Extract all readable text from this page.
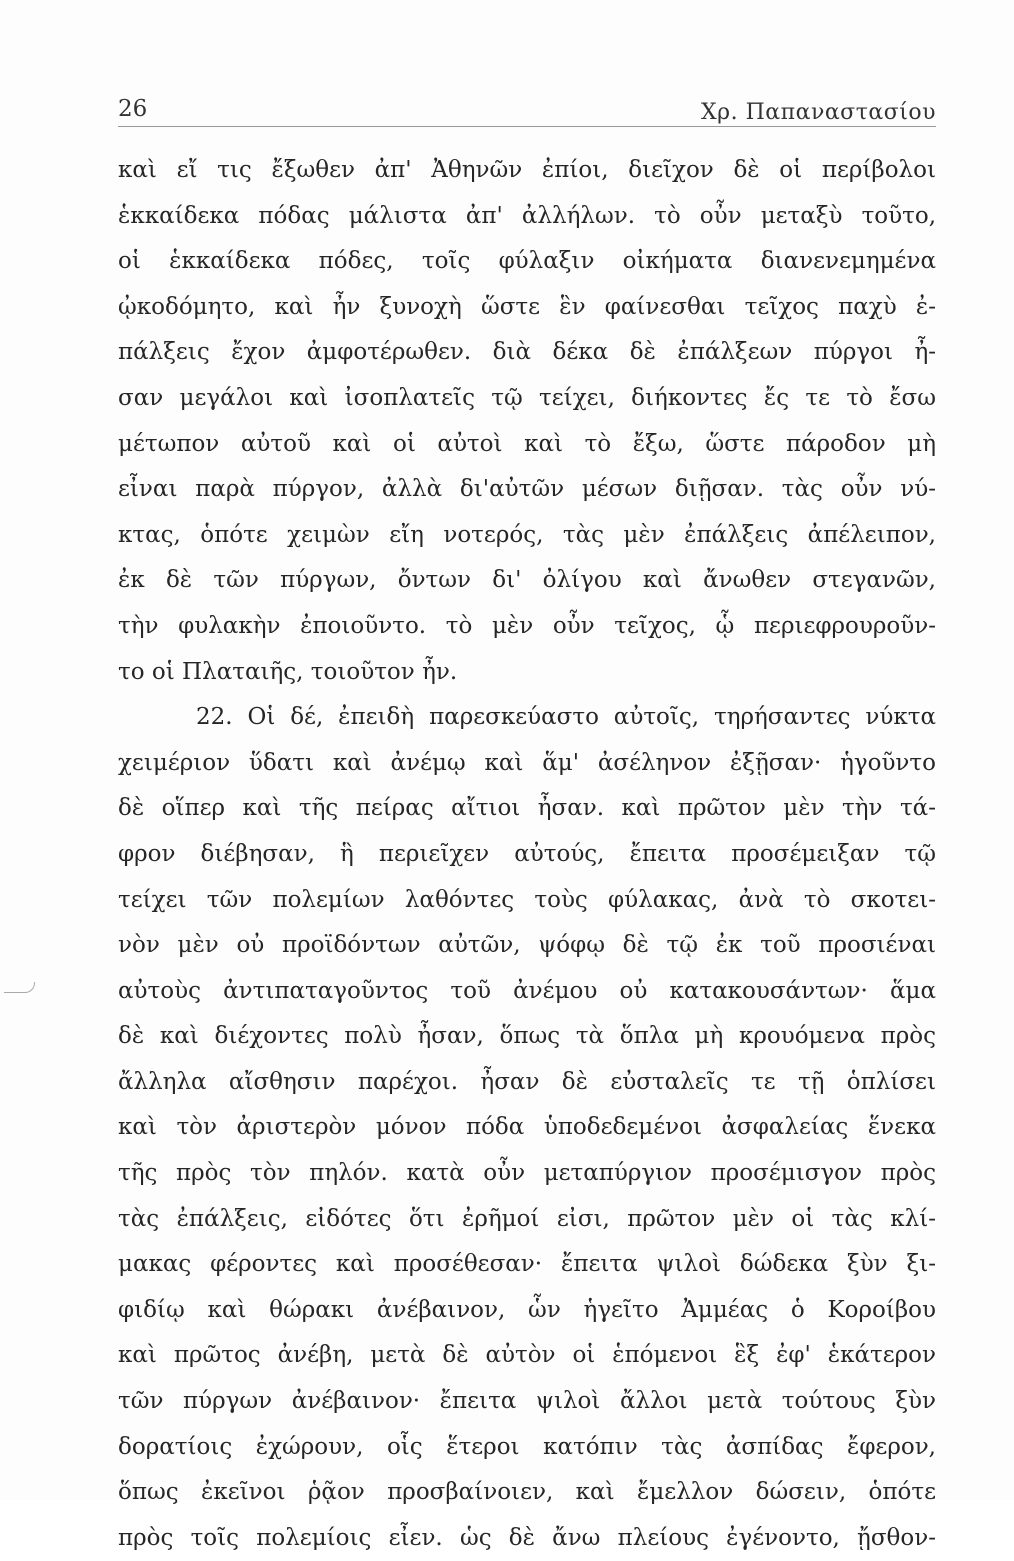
26	Χρ. Παπαναστασίου
καὶ εἴ τις ἔξωθεν ἀπ' Ἀθηνῶν ἐπίοι, διεῖχον δὲ οἱ περίβολοι
ἑκκαίδεκα πόδας μάλιστα ἀπ' ἀλλήλων. τὸ οὖν μεταξὺ τοῦτο,
οἱ ἑκκαίδεκα πόδες, τοῖς φύλαξιν οἰκήματα διανενεμημένα
ᾠκοδόμητο, καὶ ἦν ξυνοχὴ ὥστε ἓν φαίνεσθαι τεῖχος παχὺ ἐ-
πάλξεις ἔχον ἀμφοτέρωθεν. διὰ δέκα δὲ ἐπάλξεων πύργοι ἦ-
σαν μεγάλοι καὶ ἰσοπλατεῖς τῷ τείχει, διήκοντες ἔς τε τὸ ἔσω
μέτωπον αὐτοῦ καὶ οἱ αὐτοὶ καὶ τὸ ἔξω, ὥστε πάροδον μὴ
εἶναι παρὰ πύργον, ἀλλὰ δι'αὐτῶν μέσων διῇσαν. τὰς οὖν νύ-
κτας, ὁπότε χειμὼν εἴη νοτερός, τὰς μὲν ἐπάλξεις ἀπέλειπον,
ἐκ δὲ τῶν πύργων, ὄντων δι' ὀλίγου καὶ ἄνωθεν στεγανῶν,
τὴν φυλακὴν ἐποιοῦντο. τὸ μὲν οὖν τεῖχος, ᾧ περιεφρουροῦν-
το οἱ Πλαταιῆς, τοιοῦτον ἦν.
22. Οἱ δέ, ἐπειδὴ παρεσκεύαστο αὐτοῖς, τηρήσαντες νύκτα
χειμέριον ὕδατι καὶ ἀνέμῳ καὶ ἅμ' ἀσέληνον ἐξῇσαν· ἡγοῦντο
δὲ οἵπερ καὶ τῆς πείρας αἴτιοι ἦσαν. καὶ πρῶτον μὲν τὴν τά-
φρον διέβησαν, ἣ περιεῖχεν αὐτούς, ἔπειτα προσέμειξαν τῷ
τείχει τῶν πολεμίων λαθόντες τοὺς φύλακας, ἀνὰ τὸ σκοτει-
νὸν μὲν οὐ προϊδόντων αὐτῶν, ψόφῳ δὲ τῷ ἐκ τοῦ προσιέναι
αὐτοὺς ἀντιπαταγοῦντος τοῦ ἀνέμου οὐ κατακουσάντων· ἅμα
δὲ καὶ διέχοντες πολὺ ἦσαν, ὅπως τὰ ὅπλα μὴ κρουόμενα πρὸς
ἄλληλα αἴσθησιν παρέχοι. ἦσαν δὲ εὐσταλεῖς τε τῇ ὁπλίσει
καὶ τὸν ἀριστερὸν μόνον πόδα ὑποδεδεμένοι ἀσφαλείας ἕνεκα
τῆς πρὸς τὸν πηλόν. κατὰ οὖν μεταπύργιον προσέμισγον πρὸς
τὰς ἐπάλξεις, εἰδότες ὅτι ἐρῆμοί εἰσι, πρῶτον μὲν οἱ τὰς κλί-
μακας φέροντες καὶ προσέθεσαν· ἔπειτα ψιλοὶ δώδεκα ξὺν ξι-
φιδίῳ καὶ θώρακι ἀνέβαινον, ὧν ἡγεῖτο Ἀμμέας ὁ Κοροίβου
καὶ πρῶτος ἀνέβη, μετὰ δὲ αὐτὸν οἱ ἑπόμενοι ἓξ ἐφ' ἑκάτερον
τῶν πύργων ἀνέβαινον· ἔπειτα ψιλοὶ ἄλλοι μετὰ τούτους ξὺν
δορατίοις ἐχώρουν, οἷς ἕτεροι κατόπιν τὰς ἀσπίδας ἔφερον,
ὅπως ἐκεῖνοι ῥᾷον προσβαίνοιεν, καὶ ἔμελλον δώσειν, ὁπότε
πρὸς τοῖς πολεμίοις εἶεν. ὡς δὲ ἄνω πλείους ἐγένοντο, ᾔσθον-
